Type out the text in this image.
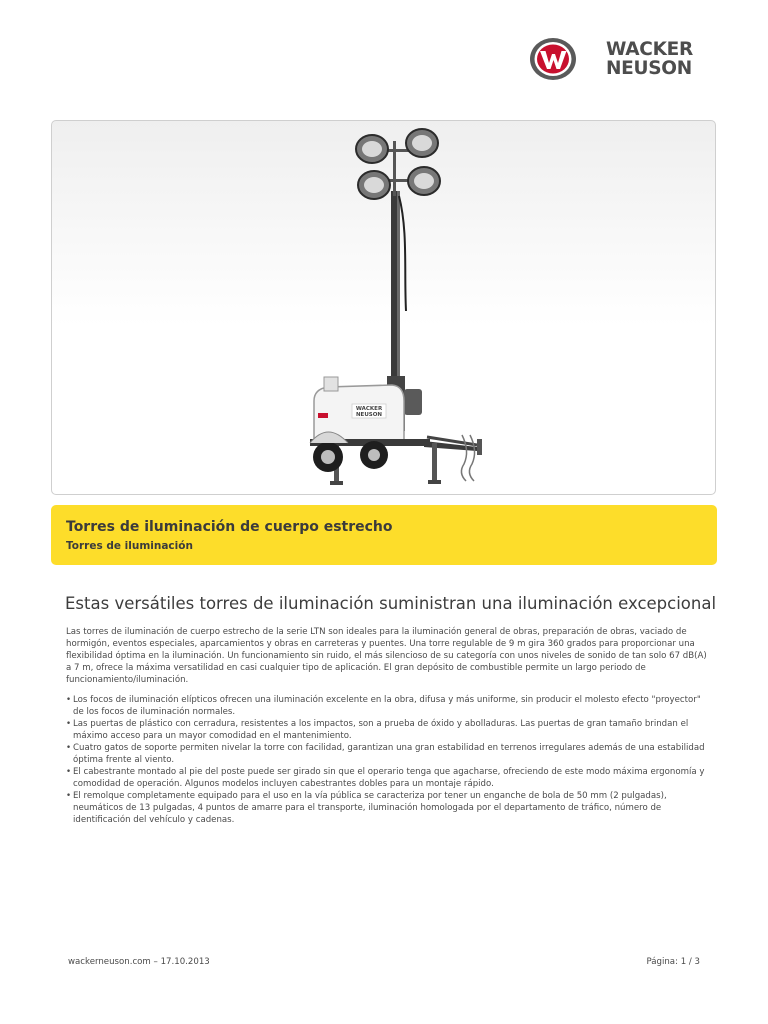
WACKER
NEUSON
WACKER
NEUSON
Torres de iluminación de cuerpo estrecho
Torres de iluminación
Estas versátiles torres de iluminación suministran una iluminación excepcional

Las torres de iluminación de cuerpo estrecho de la serie LTN son ideales para la iluminación general de obras, preparación de obras, vaciado de hormigón, eventos especiales, aparcamientos y obras en carreteras y puentes. Una torre regulable de 9 m gira 360 grados para proporcionar una flexibilidad óptima en la iluminación. Un funcionamiento sin ruido, el más silencioso de su categoría con unos niveles de sonido de tan solo 67 dB(A) a 7 m, ofrece la máxima versatilidad en casi cualquier tipo de aplicación. El gran depósito de combustible permite un largo periodo de funcionamiento/iluminación.

• Los focos de iluminación elípticos ofrecen una iluminación excelente en la obra, difusa y más uniforme, sin producir el molesto efecto "proyector" de los focos de iluminación normales.
• Las puertas de plástico con cerradura, resistentes a los impactos, son a prueba de óxido y abolladuras. Las puertas de gran tamaño brindan el máximo acceso para un mayor comodidad en el mantenimiento.
• Cuatro gatos de soporte permiten nivelar la torre con facilidad, garantizan una gran estabilidad en terrenos irregulares además de una estabilidad óptima frente al viento.
• El cabestrante montado al pie del poste puede ser girado sin que el operario tenga que agacharse, ofreciendo de este modo máxima ergonomía y comodidad de operación. Algunos modelos incluyen cabestrantes dobles para un montaje rápido.
• El remolque completamente equipado para el uso en la vía pública se caracteriza por tener un enganche de bola de 50 mm (2 pulgadas), neumáticos de 13 pulgadas, 4 puntos de amarre para el transporte, iluminación homologada por el departamento de tráfico, número de identificación del vehículo y cadenas.
wackerneuson.com – 17.10.2013	Página: 1 / 3
